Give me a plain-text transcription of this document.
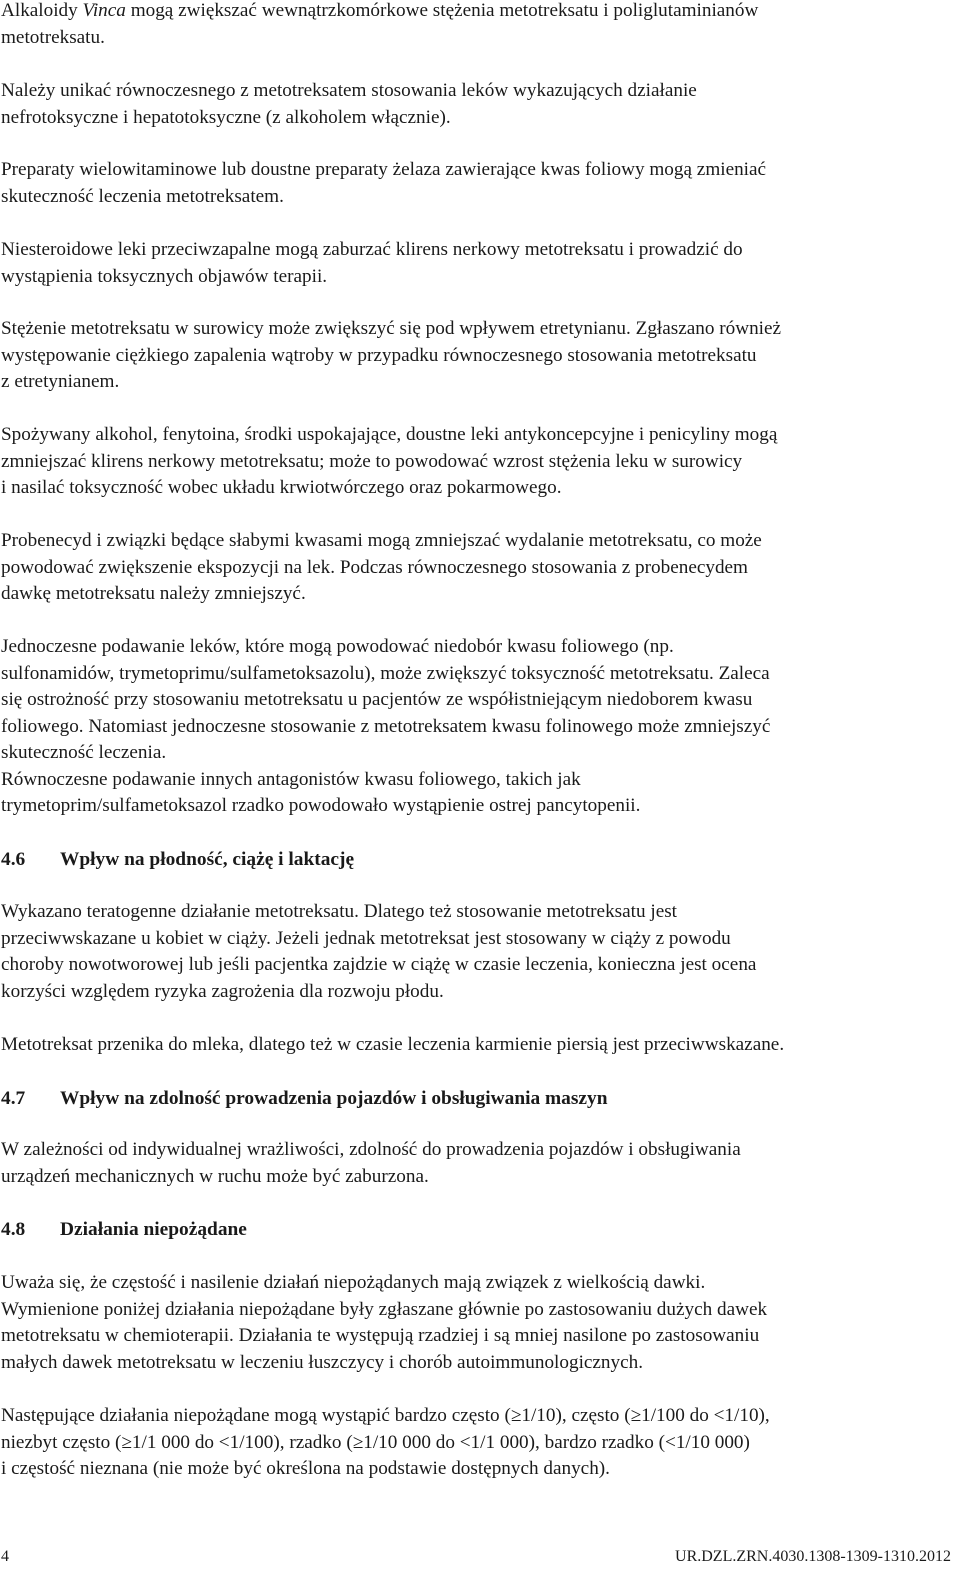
Alkaloidy Vinca mogą zwiększać wewnątrzkomórkowe stężenia metotreksatu i poliglutaminianów
metotreksatu.

Należy unikać równoczesnego z metotreksatem stosowania leków wykazujących działanie
nefrotoksyczne i hepatotoksyczne (z alkoholem włącznie).

Preparaty wielowitaminowe lub doustne preparaty żelaza zawierające kwas foliowy mogą zmieniać
skuteczność leczenia metotreksatem.

Niesteroidowe leki przeciwzapalne mogą zaburzać klirens nerkowy metotreksatu i prowadzić do
wystąpienia toksycznych objawów terapii.

Stężenie metotreksatu w surowicy może zwiększyć się pod wpływem etretynianu. Zgłaszano również
występowanie ciężkiego zapalenia wątroby w przypadku równoczesnego stosowania metotreksatu
z etretynianem.

Spożywany alkohol, fenytoina, środki uspokajające, doustne leki antykoncepcyjne i penicyliny mogą
zmniejszać klirens nerkowy metotreksatu; może to powodować wzrost stężenia leku w surowicy
i nasilać toksyczność wobec układu krwiotwórczego oraz pokarmowego.

Probenecyd i związki będące słabymi kwasami mogą zmniejszać wydalanie metotreksatu, co może
powodować zwiększenie ekspozycji na lek. Podczas równoczesnego stosowania z probenecydem
dawkę metotreksatu należy zmniejszyć.

Jednoczesne podawanie leków, które mogą powodować niedobór kwasu foliowego (np.
sulfonamidów, trymetoprimu/sulfametoksazolu), może zwiększyć toksyczność metotreksatu. Zaleca
się ostrożność przy stosowaniu metotreksatu u pacjentów ze współistniejącym niedoborem kwasu
foliowego. Natomiast jednoczesne stosowanie z metotreksatem kwasu folinowego może zmniejszyć
skuteczność leczenia.
Równoczesne podawanie innych antagonistów kwasu foliowego, takich jak
trymetoprim/sulfametoksazol rzadko powodowało wystąpienie ostrej pancytopenii.

4.6 Wpływ na płodność, ciążę i laktację

Wykazano teratogenne działanie metotreksatu. Dlatego też stosowanie metotreksatu jest
przeciwwskazane u kobiet w ciąży. Jeżeli jednak metotreksat jest stosowany w ciąży z powodu
choroby nowotworowej lub jeśli pacjentka zajdzie w ciążę w czasie leczenia, konieczna jest ocena
korzyści względem ryzyka zagrożenia dla rozwoju płodu.

Metotreksat przenika do mleka, dlatego też w czasie leczenia karmienie piersią jest przeciwwskazane.

4.7 Wpływ na zdolność prowadzenia pojazdów i obsługiwania maszyn

W zależności od indywidualnej wrażliwości, zdolność do prowadzenia pojazdów i obsługiwania
urządzeń mechanicznych w ruchu może być zaburzona.

4.8 Działania niepożądane

Uważa się, że częstość i nasilenie działań niepożądanych mają związek z wielkością dawki.
Wymienione poniżej działania niepożądane były zgłaszane głównie po zastosowaniu dużych dawek
metotreksatu w chemioterapii. Działania te występują rzadziej i są mniej nasilone po zastosowaniu
małych dawek metotreksatu w leczeniu łuszczycy i chorób autoimmunologicznych.

Następujące działania niepożądane mogą wystąpić bardzo często (≥1/10), często (≥1/100 do <1/10),
niezbyt często (≥1/1 000 do <1/100), rzadko (≥1/10 000 do <1/1 000), bardzo rzadko (<1/10 000)
i częstość nieznana (nie może być określona na podstawie dostępnych danych).

4	UR.DZL.ZRN.4030.1308-1309-1310.2012
